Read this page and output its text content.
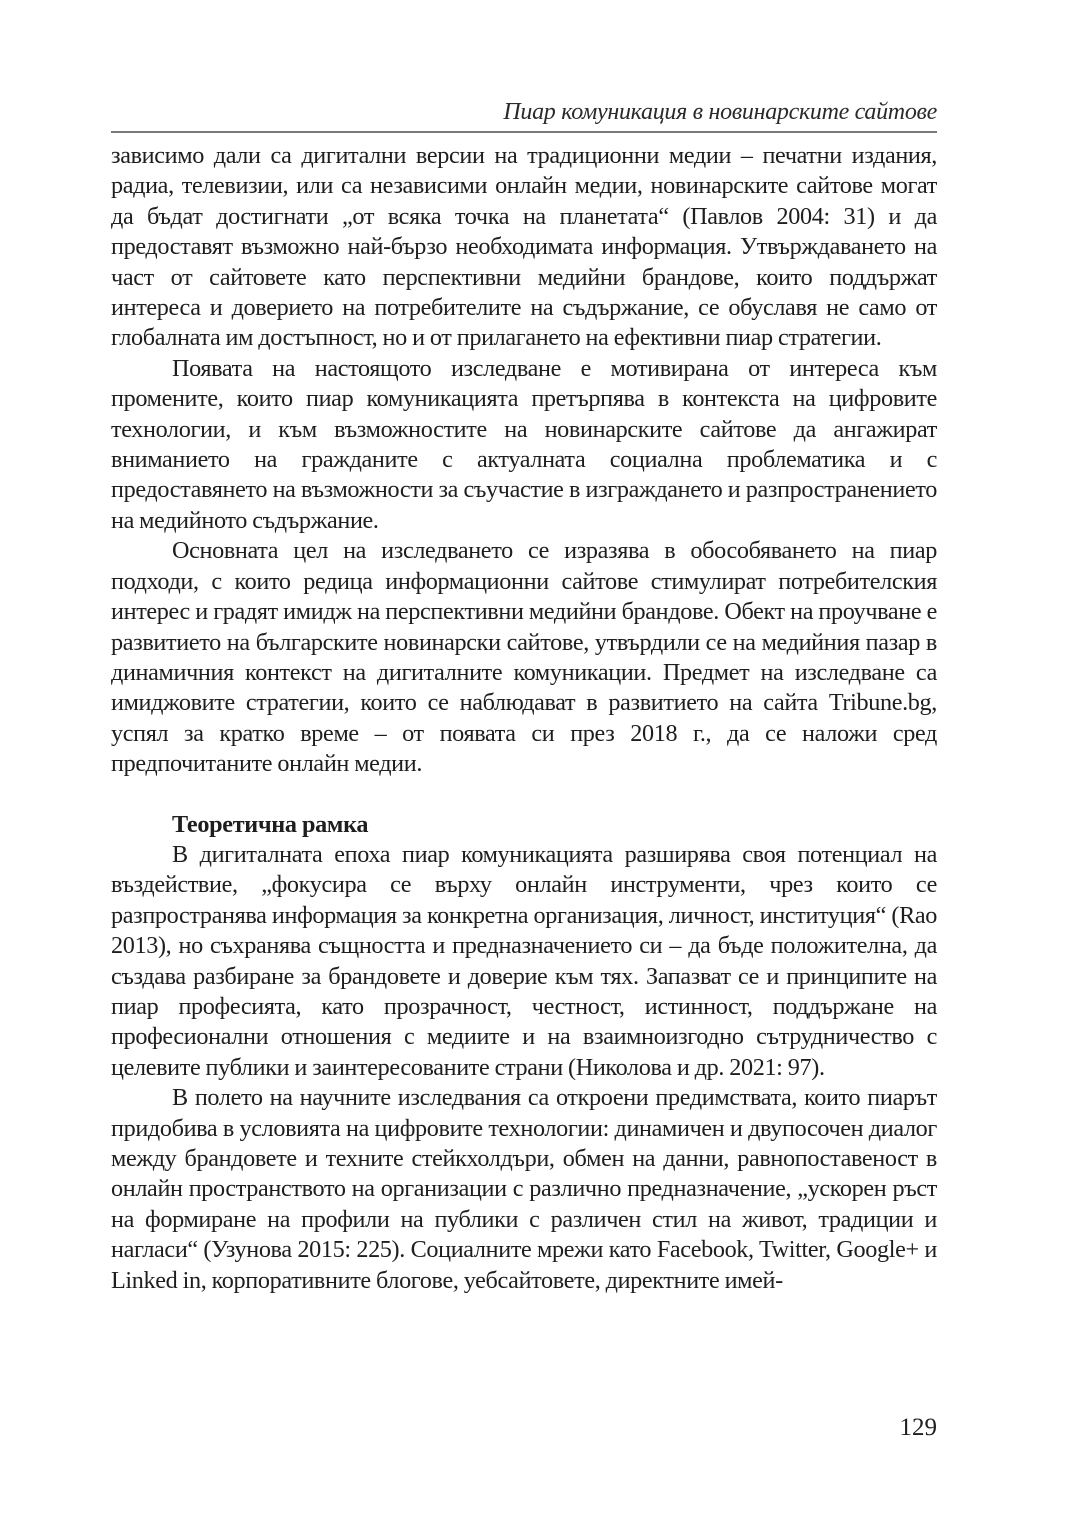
Пиар комуникация в новинарските сайтове

зависимо дали са дигитални версии на традиционни медии – печатни издания, радиа, телевизии, или са независими онлайн медии, новинарските сайтове могат да бъдат достигнати „от всяка точка на планетата“ (Павлов 2004: 31) и да предоставят възможно най-бързо необходимата информация. Утвърждаването на част от сайтовете като перспективни медийни брандове, които поддържат интереса и доверието на потребителите на съдържание, се обуславя не само от глобалната им достъпност, но и от прилагането на ефективни пиар стратегии.

Появата на настоящото изследване е мотивирана от интереса към промените, които пиар комуникацията претърпява в контекста на цифровите технологии, и към възможностите на новинарските сайтове да ангажират вниманието на гражданите с актуалната социална проблематика и с предоставянето на възможности за съучастие в изграждането и разпространението на медийното съдържание.

Основната цел на изследването се изразява в обособяването на пиар подходи, с които редица информационни сайтове стимулират потребителския интерес и градят имидж на перспективни медийни брандове. Обект на проучване е развитието на българските новинарски сайтове, утвърдили се на медийния пазар в динамичния контекст на дигиталните комуникации. Предмет на изследване са имиджовите стратегии, които се наблюдават в развитието на сайта Tribune.bg, успял за кратко време – от появата си през 2018 г., да се наложи сред предпочитаните онлайн медии.

Теоретична рамка

В дигиталната епоха пиар комуникацията разширява своя потенциал на въздействие, „фокусира се върху онлайн инструменти, чрез които се разпространява информация за конкретна организация, личност, институция“ (Rao 2013), но съхранява същността и предназначението си – да бъде положителна, да създава разбиране за брандовете и доверие към тях. Запазват се и принципите на пиар професията, като прозрачност, честност, истинност, поддържане на професионални отношения с медиите и на взаимноизгодно сътрудничество с целевите публики и заинтересованите страни (Николова и др. 2021: 97).

В полето на научните изследвания са откроени предимствата, които пиарът придобива в условията на цифровите технологии: динамичен и двупосочен диалог между брандовете и техните стейкхолдъри, обмен на данни, равнопоставеност в онлайн пространството на организации с различно предназначение, „ускорен ръст на формиране на профили на публики с различен стил на живот, традиции и нагласи“ (Узунова 2015: 225). Социалните мрежи като Facebook, Twitter, Google+ и Linked in, корпоративните блогове, уебсайтовете, директните имей-

129
